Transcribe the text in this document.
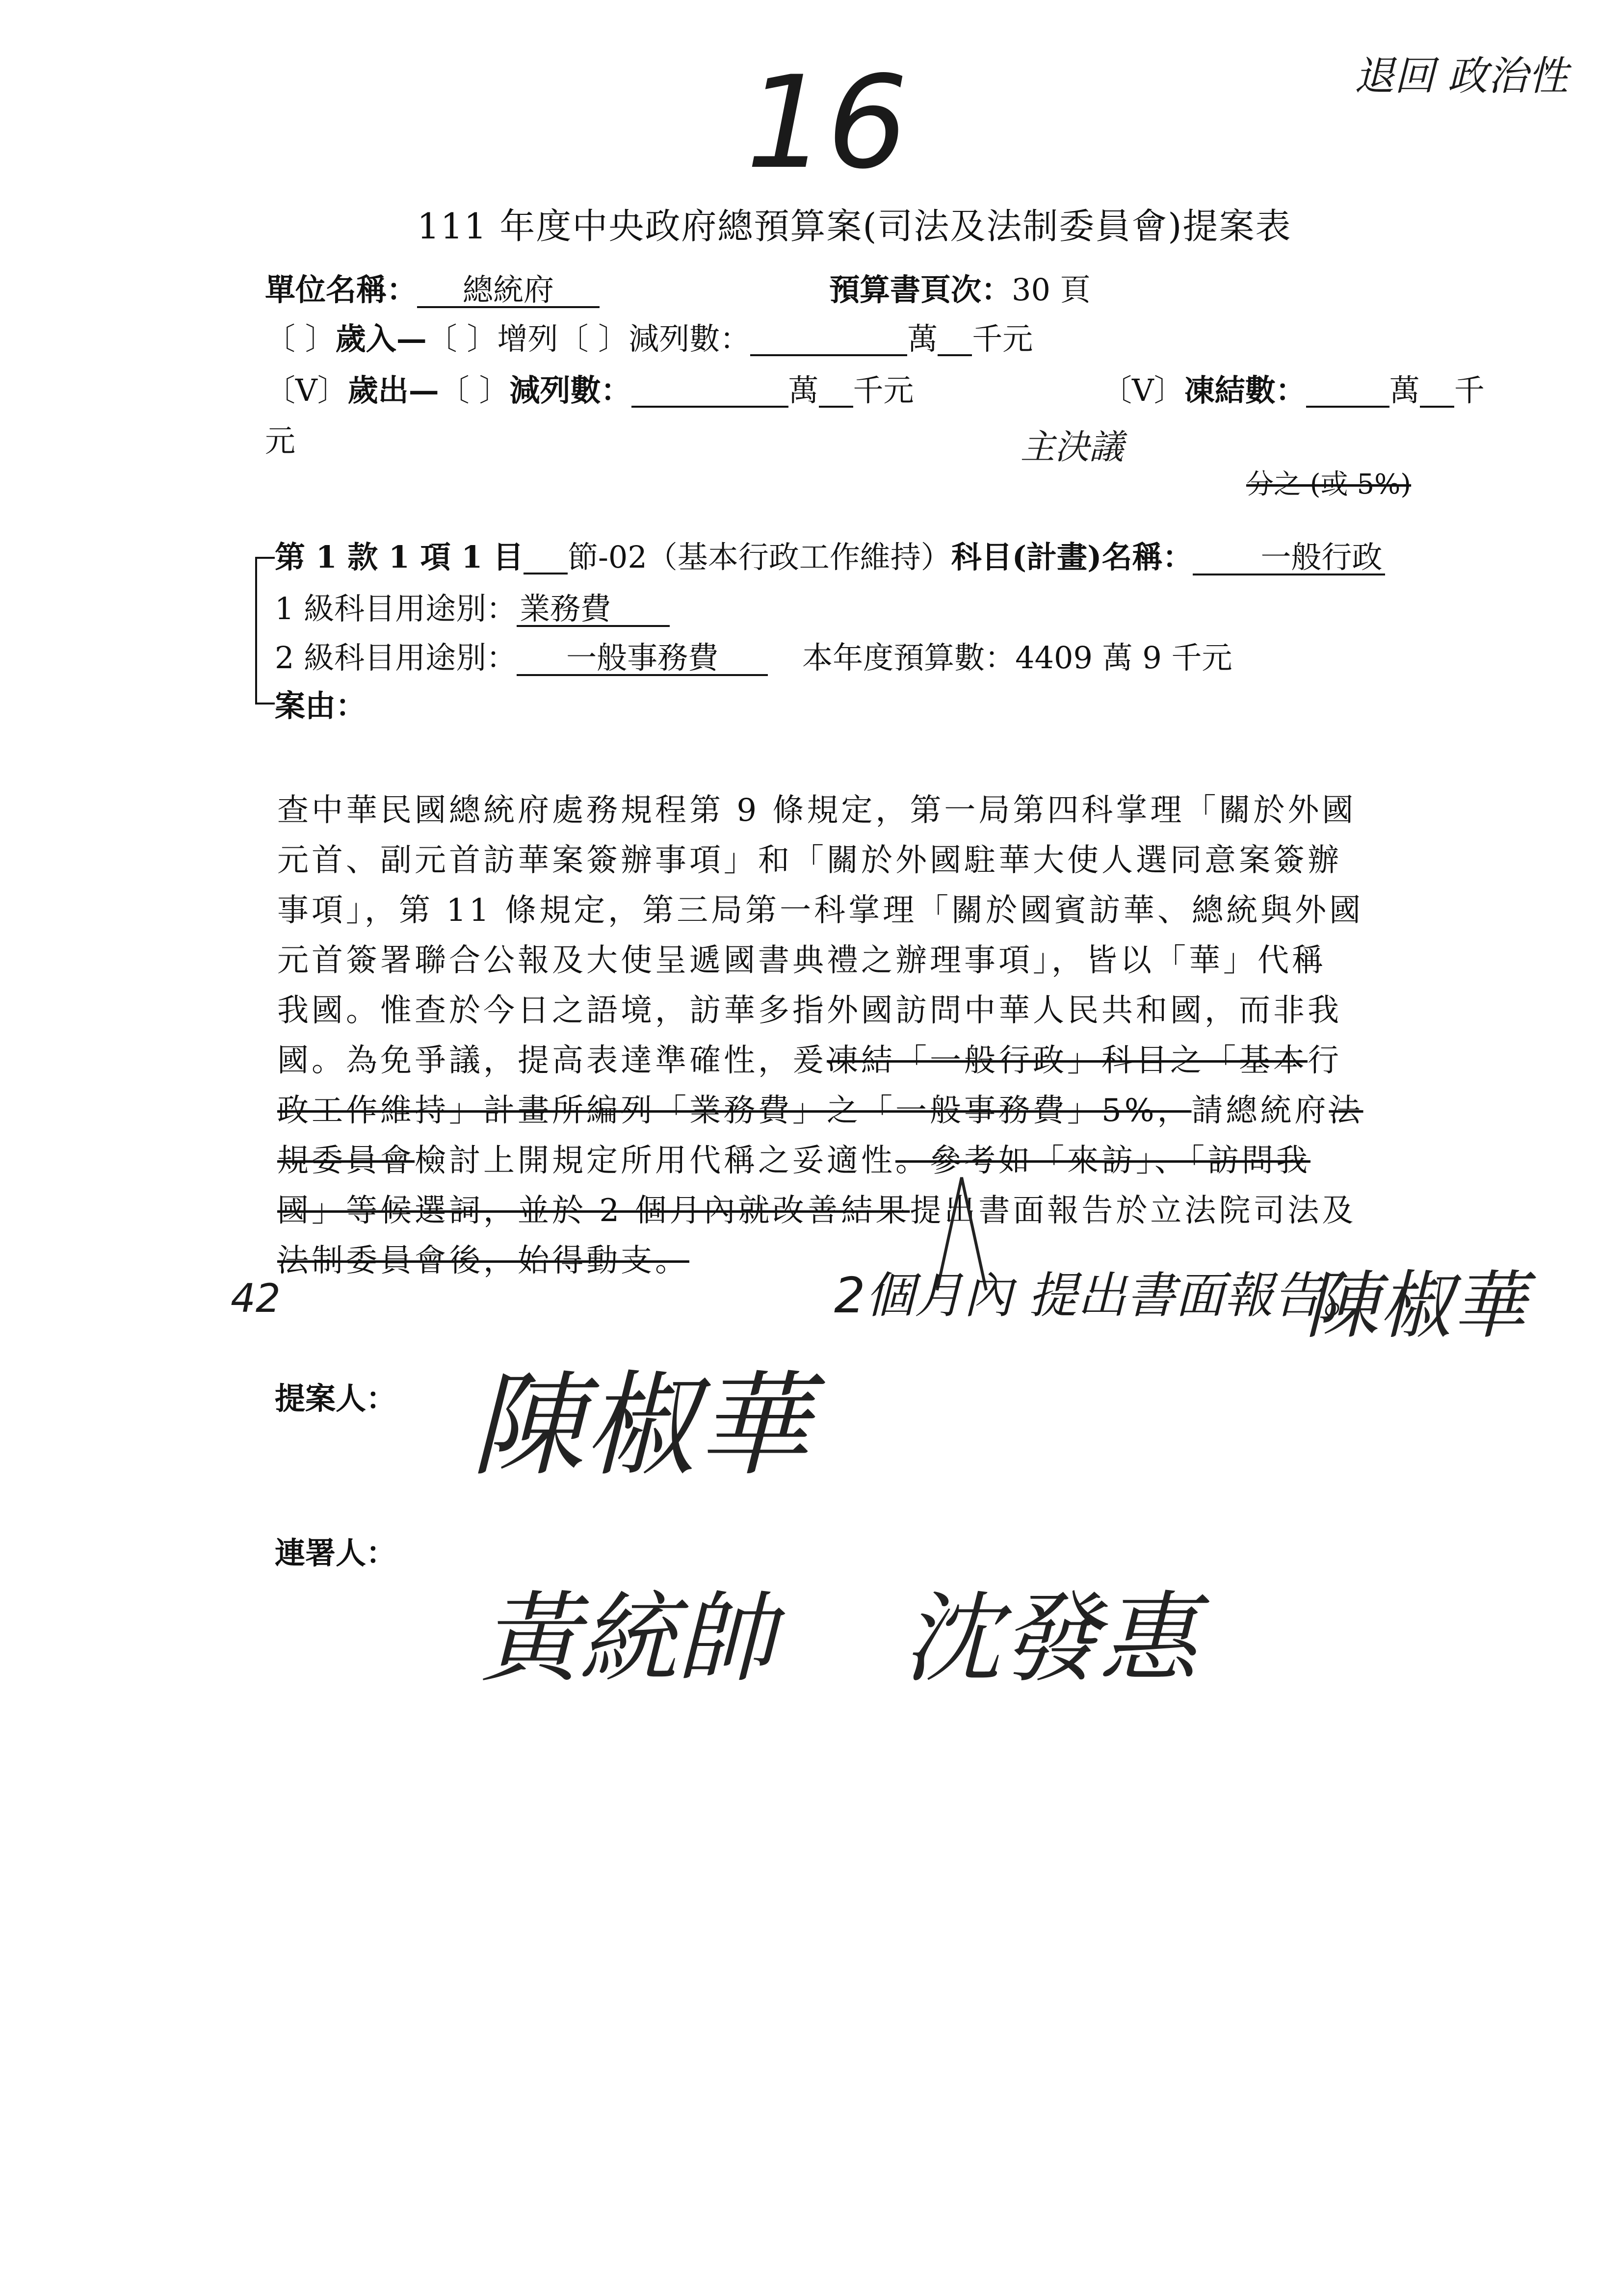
16	退回 政治性
111 年度中央政府總預算案(司法及法制委員會)提案表
單位名稱： 總統府	預算書頁次：30 頁
〔 〕歲入—〔 〕增列〔 〕減列數：	萬 千元
〔V〕歲出—〔 〕減列數：	萬 千元	〔V〕凍結數：	萬 千
元	主決議
分之 (或 5%)
第 1 款 1 項 1 目 節-02（基本行政工作維持）科目(計畫)名稱： 一般行政
1 級科目用途別：業務費
2 級科目用途別： 一般事務費	本年度預算數：4409 萬 9 千元
案由：
查中華民國總統府處務規程第 9 條規定，第一局第四科掌理「關於外國
元首、副元首訪華案簽辦事項」和「關於外國駐華大使人選同意案簽辦
事項」，第 11 條規定，第三局第一科掌理「關於國賓訪華、總統與外國
元首簽署聯合公報及大使呈遞國書典禮之辦理事項」，皆以「華」代稱
我國。惟查於今日之語境，訪華多指外國訪問中華人民共和國，而非我
國。為免爭議，提高表達準確性，爰凍結「一般行政」科目之「基本行
政工作維持」計畫所編列「業務費」之「一般事務費」5%，請總統府法
規委員會檢討上開規定所用代稱之妥適性。參考如「來訪」、「訪問我
國」等候選詞，並於 2 個月內就改善結果提出書面報告於立法院司法及
法制委員會後，始得動支。
2個月內 提出書面報告。
陳椒華
42
提案人： 陳椒華
連署人：
黃統帥 沈發惠
